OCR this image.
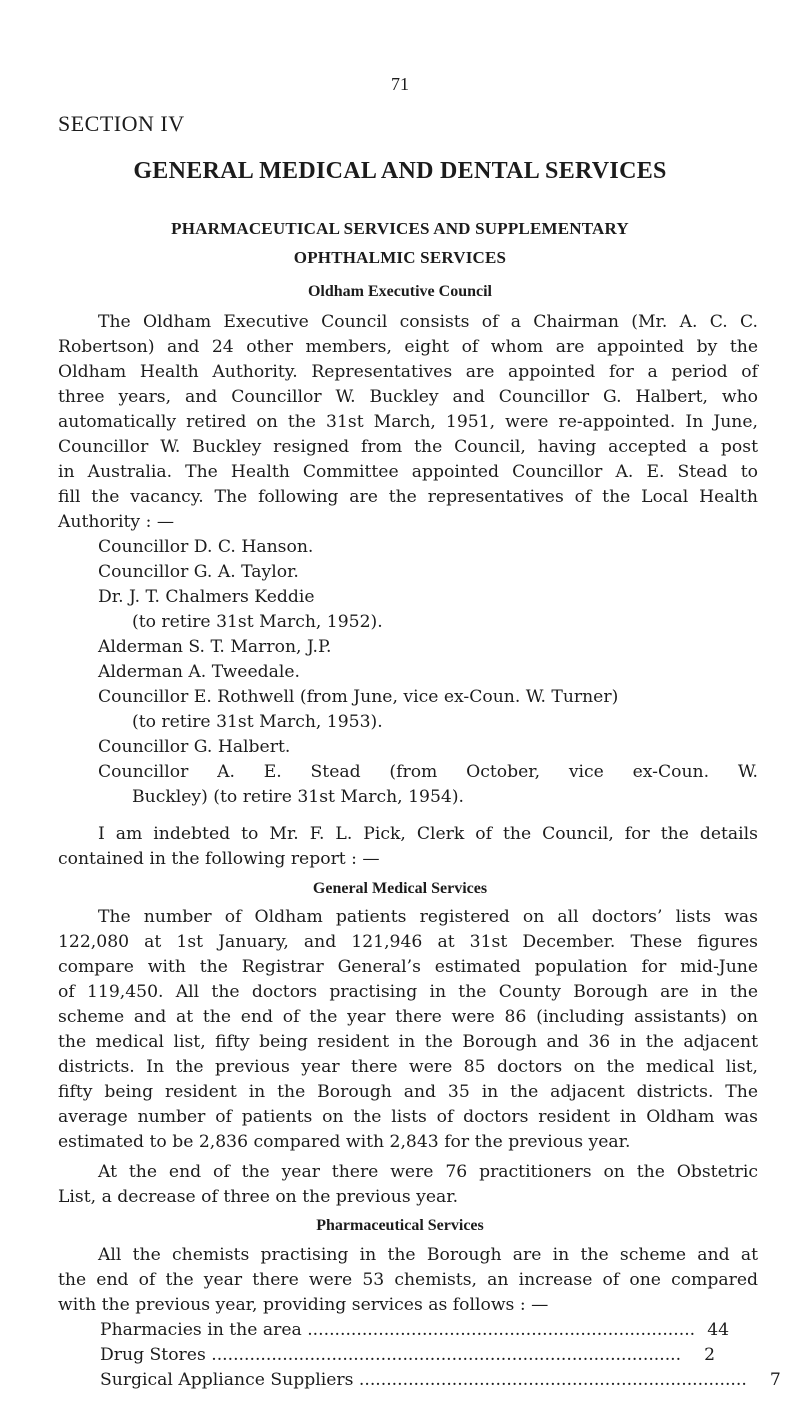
71
SECTION IV
GENERAL MEDICAL AND DENTAL SERVICES
PHARMACEUTICAL SERVICES AND SUPPLEMENTARY
OPHTHALMIC SERVICES
Oldham Executive Council
The Oldham Executive Council consists of a Chairman (Mr. A. C. C.
Robertson) and 24 other members, eight of whom are appointed by the
Oldham Health Authority. Representatives are appointed for a period of
three years, and Councillor W. Buckley and Councillor G. Halbert, who
automatically retired on the 31st March, 1951, were re-appointed. In June,
Councillor W. Buckley resigned from the Council, having accepted a post
in Australia. The Health Committee appointed Councillor A. E. Stead to
fill the vacancy. The following are the representatives of the Local Health
Authority : —
Councillor D. C. Hanson.
Councillor G. A. Taylor.
Dr. J. T. Chalmers Keddie
(to retire 31st March, 1952).
Alderman S. T. Marron, J.P.
Alderman A. Tweedale.
Councillor E. Rothwell (from June, vice ex-Coun. W. Turner)
(to retire 31st March, 1953).
Councillor G. Halbert.
Councillor A. E. Stead (from October, vice ex-Coun. W.
Buckley) (to retire 31st March, 1954).
I am indebted to Mr. F. L. Pick, Clerk of the Council, for the details
contained in the following report : —
General Medical Services
The number of Oldham patients registered on all doctors’ lists was
122,080 at 1st January, and 121,946 at 31st December. These figures
compare with the Registrar General’s estimated population for mid-June
of 119,450. All the doctors practising in the County Borough are in the
scheme and at the end of the year there were 86 (including assistants) on
the medical list, fifty being resident in the Borough and 36 in the adjacent
districts. In the previous year there were 85 doctors on the medical list,
fifty being resident in the Borough and 35 in the adjacent districts. The
average number of patients on the lists of doctors resident in Oldham was
estimated to be 2,836 compared with 2,843 for the previous year.
At the end of the year there were 76 practitioners on the Obstetric
List, a decrease of three on the previous year.
Pharmaceutical Services
All the chemists practising in the Borough are in the scheme and at
the end of the year there were 53 chemists, an increase of one compared
with the previous year, providing services as follows : —
Pharmacies in the area ....................................................................... 44
Drug Stores ......................................................................................	2
Surgical Appliance Suppliers .......................................................................	7
